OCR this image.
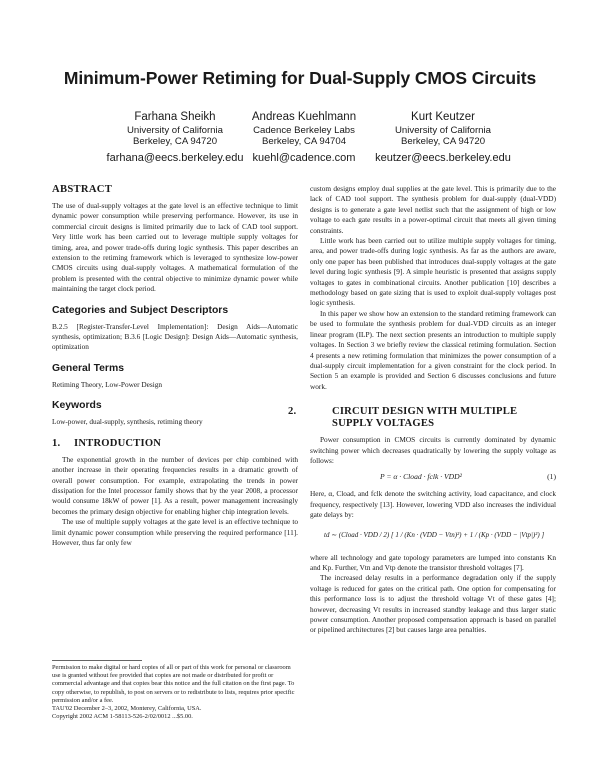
Minimum-Power Retiming for Dual-Supply CMOS Circuits
Farhana Sheikh
University of California
Berkeley, CA 94720
farhana@eecs.berkeley.edu
Andreas Kuehlmann
Cadence Berkeley Labs
Berkeley, CA 94704
kuehl@cadence.com
Kurt Keutzer
University of California
Berkeley, CA 94720
keutzer@eecs.berkeley.edu
ABSTRACT

The use of dual-supply voltages at the gate level is an effective technique to limit dynamic power consumption while preserving performance. However, its use in commercial circuit designs is limited primarily due to lack of CAD tool support. Very little work has been carried out to leverage multiple supply voltages for timing, area, and power trade-offs during logic synthesis. This paper describes an extension to the retiming framework which is leveraged to synthesize low-power CMOS circuits using dual-supply voltages. A mathematical formulation of the problem is presented with the central objective to minimize dynamic power while maintaining the target clock period.

Categories and Subject Descriptors

B.2.5 [Register-Transfer-Level Implementation]: Design Aids—Automatic synthesis, optimization; B.3.6 [Logic Design]: Design Aids—Automatic synthesis, optimization

General Terms

Retiming Theory, Low-Power Design

Keywords

Low-power, dual-supply, synthesis, retiming theory

1. INTRODUCTION

The exponential growth in the number of devices per chip combined with another increase in their operating frequencies results in a dramatic growth of overall power consumption. For example, extrapolating the trends in power dissipation for the Intel processor family shows that by the year 2008, a processor would consume 18kW of power [1]. As a result, power management increasingly becomes the primary design objective for enabling higher chip integration levels.

The use of multiple supply voltages at the gate level is an effective technique to limit dynamic power consumption while preserving the required performance [11]. However, thus far only few

Permission to make digital or hard copies of all or part of this work for personal or classroom use is granted without fee provided that copies are not made or distributed for profit or commercial advantage and that copies bear this notice and the full citation on the first page. To copy otherwise, to republish, to post on servers or to redistribute to lists, requires prior specific permission and/or a fee.

TAU'02 December 2–3, 2002, Monterey, California, USA.

Copyright 2002 ACM 1-58113-526-2/02/0012 ...$5.00.

custom designs employ dual supplies at the gate level. This is primarily due to the lack of CAD tool support. The synthesis problem for dual-supply (dual-VDD) designs is to generate a gate level netlist such that the assignment of high or low voltage to each gate results in a power-optimal circuit that meets all given timing constraints.

Little work has been carried out to utilize multiple supply voltages for timing, area, and power trade-offs during logic synthesis. As far as the authors are aware, only one paper has been published that introduces dual-supply voltages at the gate level during logic synthesis [9]. A simple heuristic is presented that assigns supply voltages to gates in combinational circuits. Another publication [10] describes a methodology based on gate sizing that is used to exploit dual-supply voltages post logic synthesis.

In this paper we show how an extension to the standard retiming framework can be used to formulate the synthesis problem for dual-VDD circuits as an integer linear program (ILP). The next section presents an introduction to multiple supply voltages. In Section 3 we briefly review the classical retiming formulation. Section 4 presents a new retiming formulation that minimizes the power consumption of a dual-supply circuit implementation for a given constraint for the clock period. In Section 5 an example is provided and Section 6 discusses conclusions and future work.

2.	CIRCUIT DESIGN WITH MULTIPLE SUPPLY VOLTAGES

Power consumption in CMOS circuits is currently dominated by dynamic switching power which decreases quadratically by lowering the supply voltage as follows:

P = α · Cload · fclk · VDD²	(1)

Here, α, Cload, and fclk denote the switching activity, load capacitance, and clock frequency, respectively [13]. However, lowering VDD also increases the individual gate delays by:

td ∼ (Cload · VDD / 2) [ 1 / (Kn · (VDD − Vtn)²) + 1 / (Kp · (VDD − |Vtp|)²) ]

where all technology and gate topology parameters are lumped into constants Kn and Kp. Further, Vtn and Vtp denote the transistor threshold voltages [7].

The increased delay results in a performance degradation only if the supply voltage is reduced for gates on the critical path. One option for compensating for this performance loss is to adjust the threshold voltage Vt of these gates [4]; however, decreasing Vt results in increased standby leakage and thus larger static power consumption. Another proposed compensation approach is based on parallel or pipelined architectures [2] but causes large area penalties.
